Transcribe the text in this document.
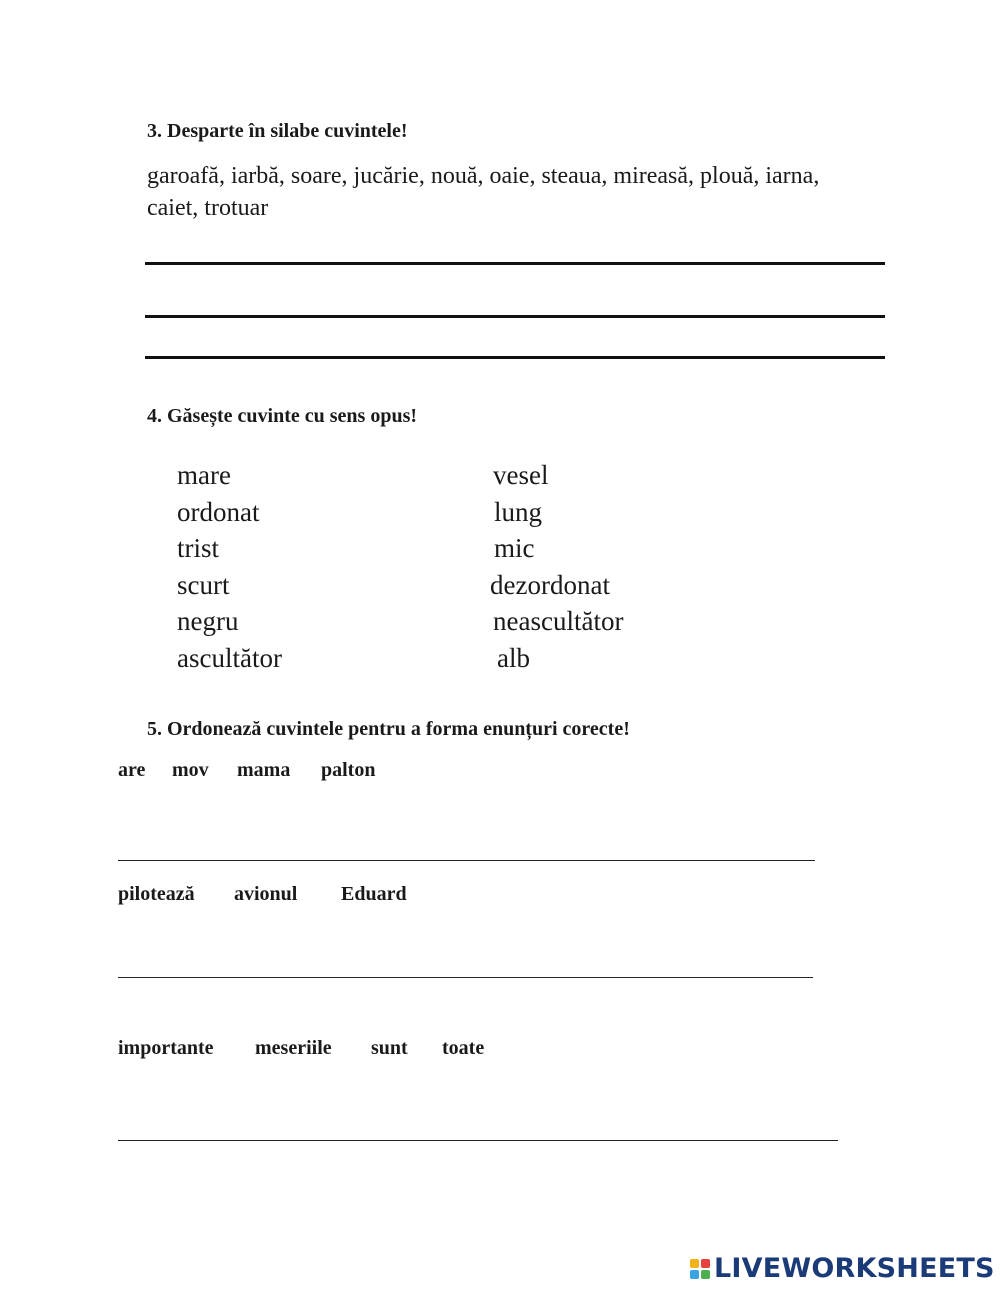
3. Desparte în silabe cuvintele!
garoafă, iarbă, soare, jucărie, nouă, oaie, steaua, mireasă, plouă, iarna,
caiet, trotuar
4. Găsește cuvinte cu sens opus!
mare
ordonat
trist
scurt
negru
ascultător
vesel
lung
mic
dezordonat
neascultător
alb
5. Ordonează cuvintele pentru a forma enunțuri corecte!
are mov mama palton
pilotează avionul Eduard
importante meseriile sunt toate
LIVEWORKSHEETS
